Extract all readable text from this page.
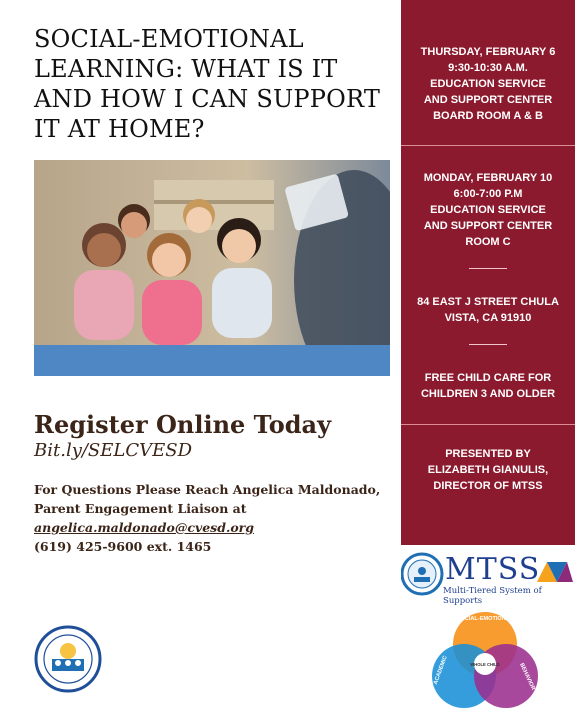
SOCIAL-EMOTIONAL LEARNING: WHAT IS IT AND HOW I CAN SUPPORT IT AT HOME?
Register Online Today
Bit.ly/SELCVESD
For Questions Please Reach Angelica Maldonado,
Parent Engagement Liaison at
angelica.maldonado@cvesd.org
(619) 425-9600 ext. 1465
THURSDAY, FEBRUARY 6
9:30-10:30 A.M.
EDUCATION SERVICE
AND SUPPORT CENTER
BOARD ROOM A & B
MONDAY, FEBRUARY 10
6:00-7:00 P.M
EDUCATION SERVICE
AND SUPPORT CENTER
ROOM C
84 EAST J STREET CHULA
VISTA, CA 91910
FREE CHILD CARE FOR
CHILDREN 3 AND OLDER
PRESENTED BY
ELIZABETH GIANULIS,
DIRECTOR OF MTSS
MTSS
Multi-Tiered System of Supports
SOCIAL-EMOTIONAL
ACADEMIC	BEHAVIOR
WHOLE CHILD
